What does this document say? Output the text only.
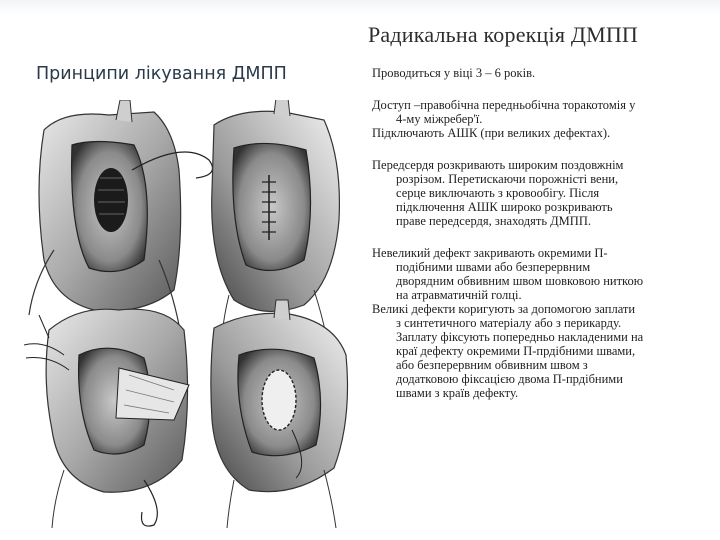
Радикальна корекція ДМПП
Принципи лікування ДМПП	Проводиться у віці 3 – 6 років.

Доступ –правобічна передньобічна торакотомія у
4-му міжребер'ї.
Підключають АШК (при великих дефектах).

Передсердя розкривають широким поздовжнім
розрізом. Перетискаючи порожністі вени,
серце виключають з кровообігу. Після
підключення АШК широко розкривають
праве передсердя, знаходять ДМПП.

Невеликий дефект закривають окремими П-
подібними швами або безперервним
дворядним обвивним швом шовковою ниткою
на атравматичній голці.

Великі дефекти коригують за допомогою заплати
з синтетичного матеріалу або з перикарду.
Заплату фіксують попередньо накладеними на
краї дефекту окремими П-прдібними швами,
або безперервним обвивним швом з
додатковою фіксацією двома П-прдібними
швами з країв дефекту.
